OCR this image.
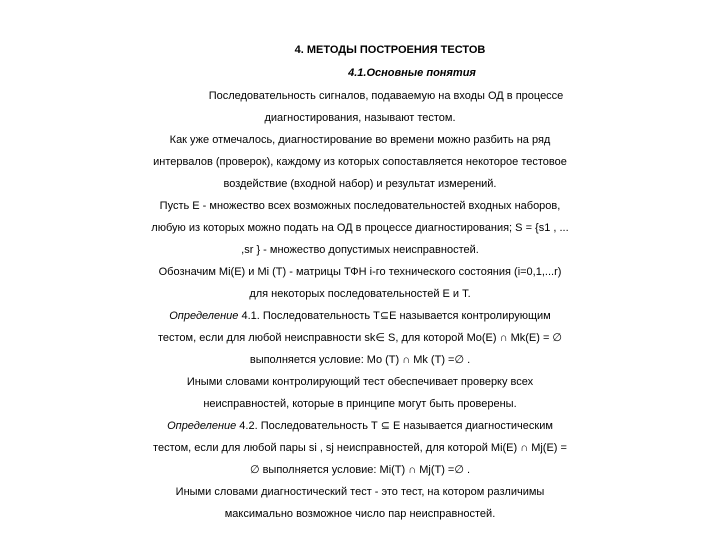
4. МЕТОДЫ ПОСТРОЕНИЯ ТЕСТОВ
4.1.Основные понятия
Последовательность сигналов, подаваемую на входы ОД в процессе
диагностирования, называют тестом.
Как уже отмечалось, диагностирование во времени можно разбить на ряд
интервалов (проверок), каждому из которых сопоставляется некоторое тестовое
воздействие (входной набор) и результат измерений.
Пусть Е - множество всех возможных последовательностей входных наборов,
любую из которых можно подать на ОД в процессе диагностирования; S = {s1 , ...
,sr } - множество допустимых неисправностей.
Обозначим Mi(E) и Mi (T) - матрицы ТФН i-го технического состояния (i=0,1,...r)
для некоторых последовательностей Е и Т.
Определение 4.1. Последовательность Т⊆Е называется контролирующим
тестом, если для любой неисправности sk∈ S, для которой Mo(E) ∩ Mk(E) = ∅
выполняется условие: Mo (T) ∩ Mk (T) =∅ .
Иными словами контролирующий тест обеспечивает проверку всех
неисправностей, которые в принципе могут быть проверены.
Определение 4.2. Последовательность Т ⊆ Е называется диагностическим
тестом, если для любой пары si , sj неисправностей, для которой Mi(E) ∩ Mj(E) =
∅ выполняется условие: Mi(T) ∩ Mj(T) =∅ .
Иными словами диагностический тест - это тест, на котором различимы
максимально возможное число пар неисправностей.
